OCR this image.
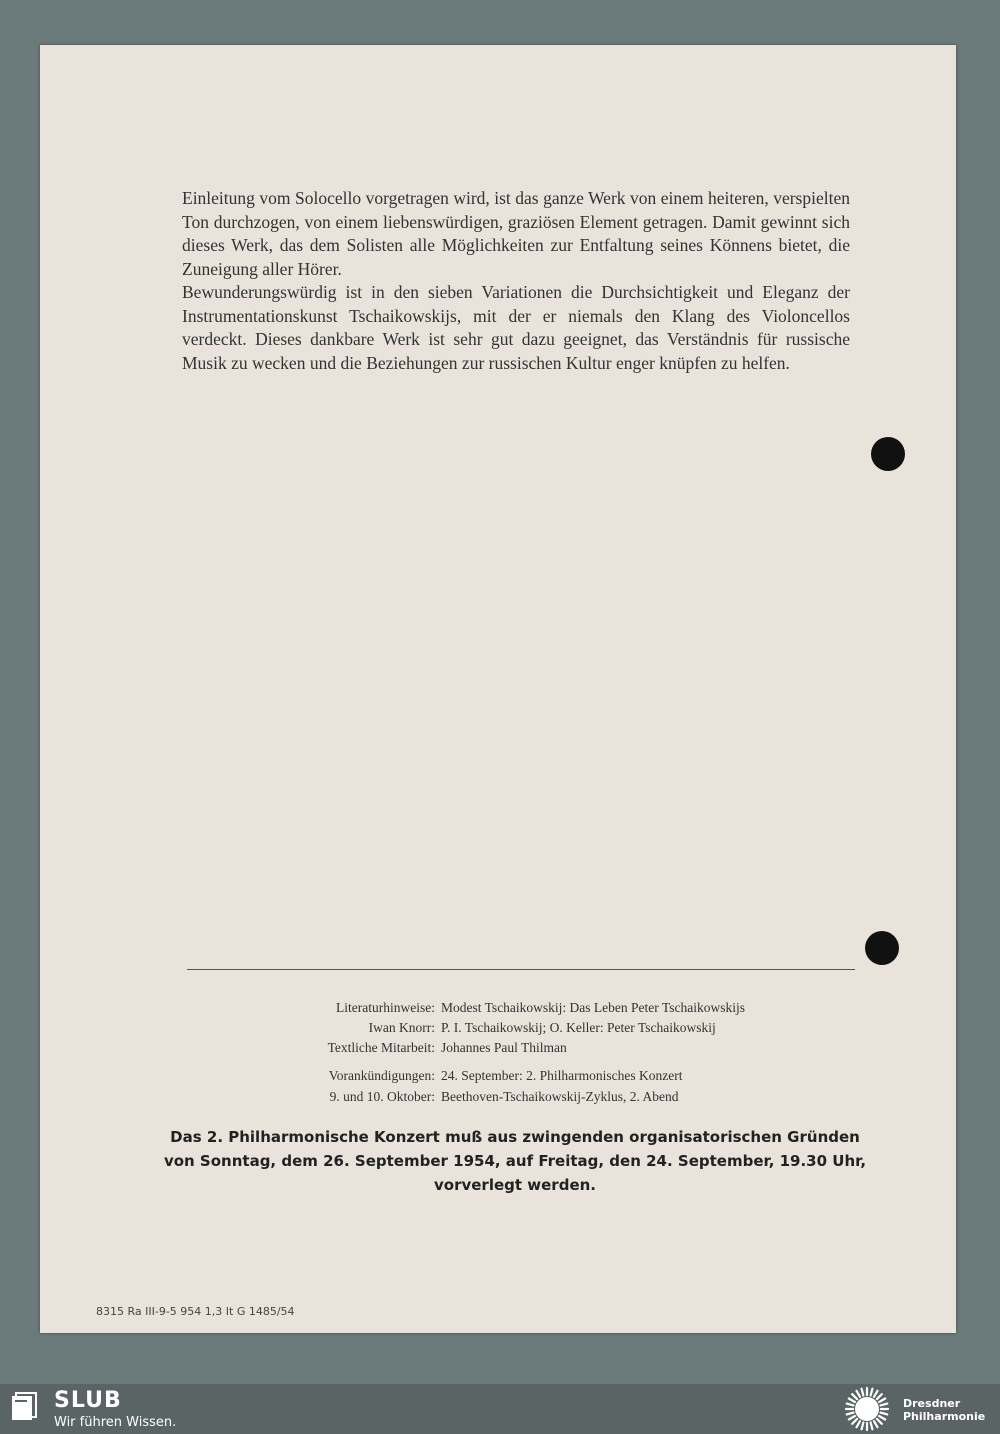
Einleitung vom Solocello vorgetragen wird, ist das ganze Werk von einem heiteren, verspielten Ton durchzogen, von einem liebenswürdigen, graziösen Element getragen. Damit gewinnt sich dieses Werk, das dem Solisten alle Möglichkeiten zur Entfaltung seines Könnens bietet, die Zuneigung aller Hörer.

Bewunderungswürdig ist in den sieben Variationen die Durchsichtigkeit und Eleganz der Instrumentationskunst Tschaikowskijs, mit der er niemals den Klang des Violoncellos verdeckt. Dieses dankbare Werk ist sehr gut dazu geeignet, das Verständnis für russische Musik zu wecken und die Beziehungen zur russischen Kultur enger knüpfen zu helfen.

Literaturhinweise: Modest Tschaikowskij: Das Leben Peter Tschaikowskijs
Iwan Knorr: P. I. Tschaikowskij; O. Keller: Peter Tschaikowskij
Textliche Mitarbeit: Johannes Paul Thilman
Vorankündigungen: 24. September: 2. Philharmonisches Konzert
9. und 10. Oktober: Beethoven-Tschaikowskij-Zyklus, 2. Abend
Das 2. Philharmonische Konzert muß aus zwingenden organisatorischen Gründen
von Sonntag, dem 26. September 1954, auf Freitag, den 24. September, 19.30 Uhr,
vorverlegt werden.
8315 Ra III-9-5 954 1,3 It G 1485/54
SLUB
Wir führen Wissen.
Dresdner
Philharmonie
